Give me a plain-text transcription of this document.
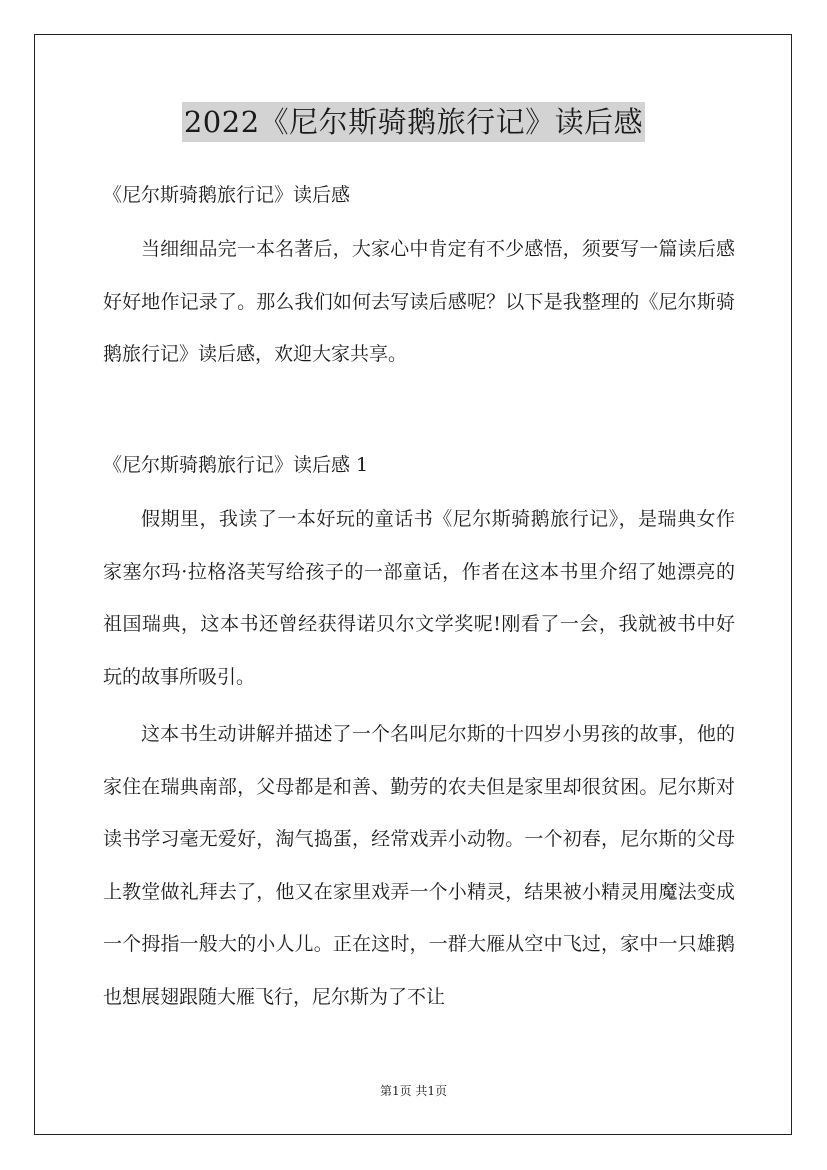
2022《尼尔斯骑鹅旅行记》读后感
《尼尔斯骑鹅旅行记》读后感

当细细品完一本名著后，大家心中肯定有不少感悟，须要写一篇读后感好好地作记录了。那么我们如何去写读后感呢？以下是我整理的《尼尔斯骑鹅旅行记》读后感，欢迎大家共享。

《尼尔斯骑鹅旅行记》读后感 1

假期里，我读了一本好玩的童话书《尼尔斯骑鹅旅行记》，是瑞典女作家塞尔玛·拉格洛芙写给孩子的一部童话，作者在这本书里介绍了她漂亮的祖国瑞典，这本书还曾经获得诺贝尔文学奖呢!刚看了一会，我就被书中好玩的故事所吸引。

这本书生动讲解并描述了一个名叫尼尔斯的十四岁小男孩的故事，他的家住在瑞典南部，父母都是和善、勤劳的农夫但是家里却很贫困。尼尔斯对读书学习毫无爱好，淘气捣蛋，经常戏弄小动物。一个初春，尼尔斯的父母上教堂做礼拜去了，他又在家里戏弄一个小精灵，结果被小精灵用魔法变成一个拇指一般大的小人儿。正在这时，一群大雁从空中飞过，家中一只雄鹅也想展翅跟随大雁飞行，尼尔斯为了不让

第1页 共1页
